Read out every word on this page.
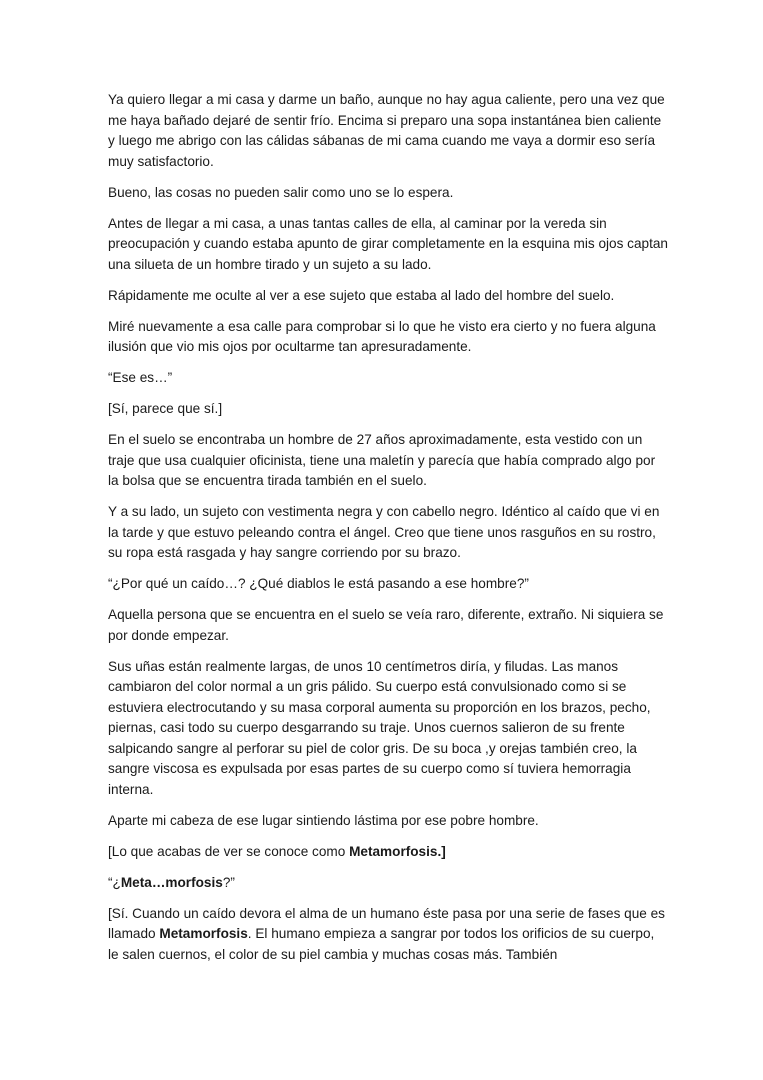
Ya quiero llegar a mi casa y darme un baño, aunque no hay agua caliente, pero una vez que me haya bañado dejaré de sentir frío. Encima si preparo una sopa instantánea bien caliente y luego me abrigo con las cálidas sábanas de mi cama cuando me vaya a dormir eso sería muy satisfactorio.

Bueno, las cosas no pueden salir como uno se lo espera.

Antes de llegar a mi casa, a unas tantas calles de ella, al caminar por la vereda sin preocupación y cuando estaba apunto de girar completamente en la esquina mis ojos captan una silueta de un hombre tirado y un sujeto a su lado.

Rápidamente me oculte al ver a ese sujeto que estaba al lado del hombre del suelo.

Miré nuevamente a esa calle para comprobar si lo que he visto era cierto y no fuera alguna ilusión que vio mis ojos por ocultarme tan apresuradamente.

“Ese es…”

[Sí, parece que sí.]

En el suelo se encontraba un hombre de 27 años aproximadamente, esta vestido con un traje que usa cualquier oficinista, tiene una maletín y parecía que había comprado algo por la bolsa que se encuentra tirada también en el suelo.

Y a su lado, un sujeto con vestimenta negra y con cabello negro. Idéntico al caído que vi en la tarde y que estuvo peleando contra el ángel. Creo que tiene unos rasguños en su rostro, su ropa está rasgada y hay sangre corriendo por su brazo.

“¿Por qué un caído…? ¿Qué diablos le está pasando a ese hombre?”

Aquella persona que se encuentra en el suelo se veía raro, diferente, extraño. Ni siquiera se por donde empezar.

Sus uñas están realmente largas, de unos 10 centímetros diría, y filudas. Las manos cambiaron del color normal a un gris pálido. Su cuerpo está convulsionado como si se estuviera electrocutando y su masa corporal aumenta su proporción en los brazos, pecho, piernas, casi todo su cuerpo desgarrando su traje. Unos cuernos salieron de su frente salpicando sangre al perforar su piel de color gris. De su boca ,y orejas también creo, la sangre viscosa es expulsada por esas partes de su cuerpo como sí tuviera hemorragia interna.

Aparte mi cabeza de ese lugar sintiendo lástima por ese pobre hombre.

[Lo que acabas de ver se conoce como Metamorfosis.]

“¿Meta…morfosis?”

[Sí. Cuando un caído devora el alma de un humano éste pasa por una serie de fases que es llamado Metamorfosis. El humano empieza a sangrar por todos los orificios de su cuerpo, le salen cuernos, el color de su piel cambia y muchas cosas más. También
